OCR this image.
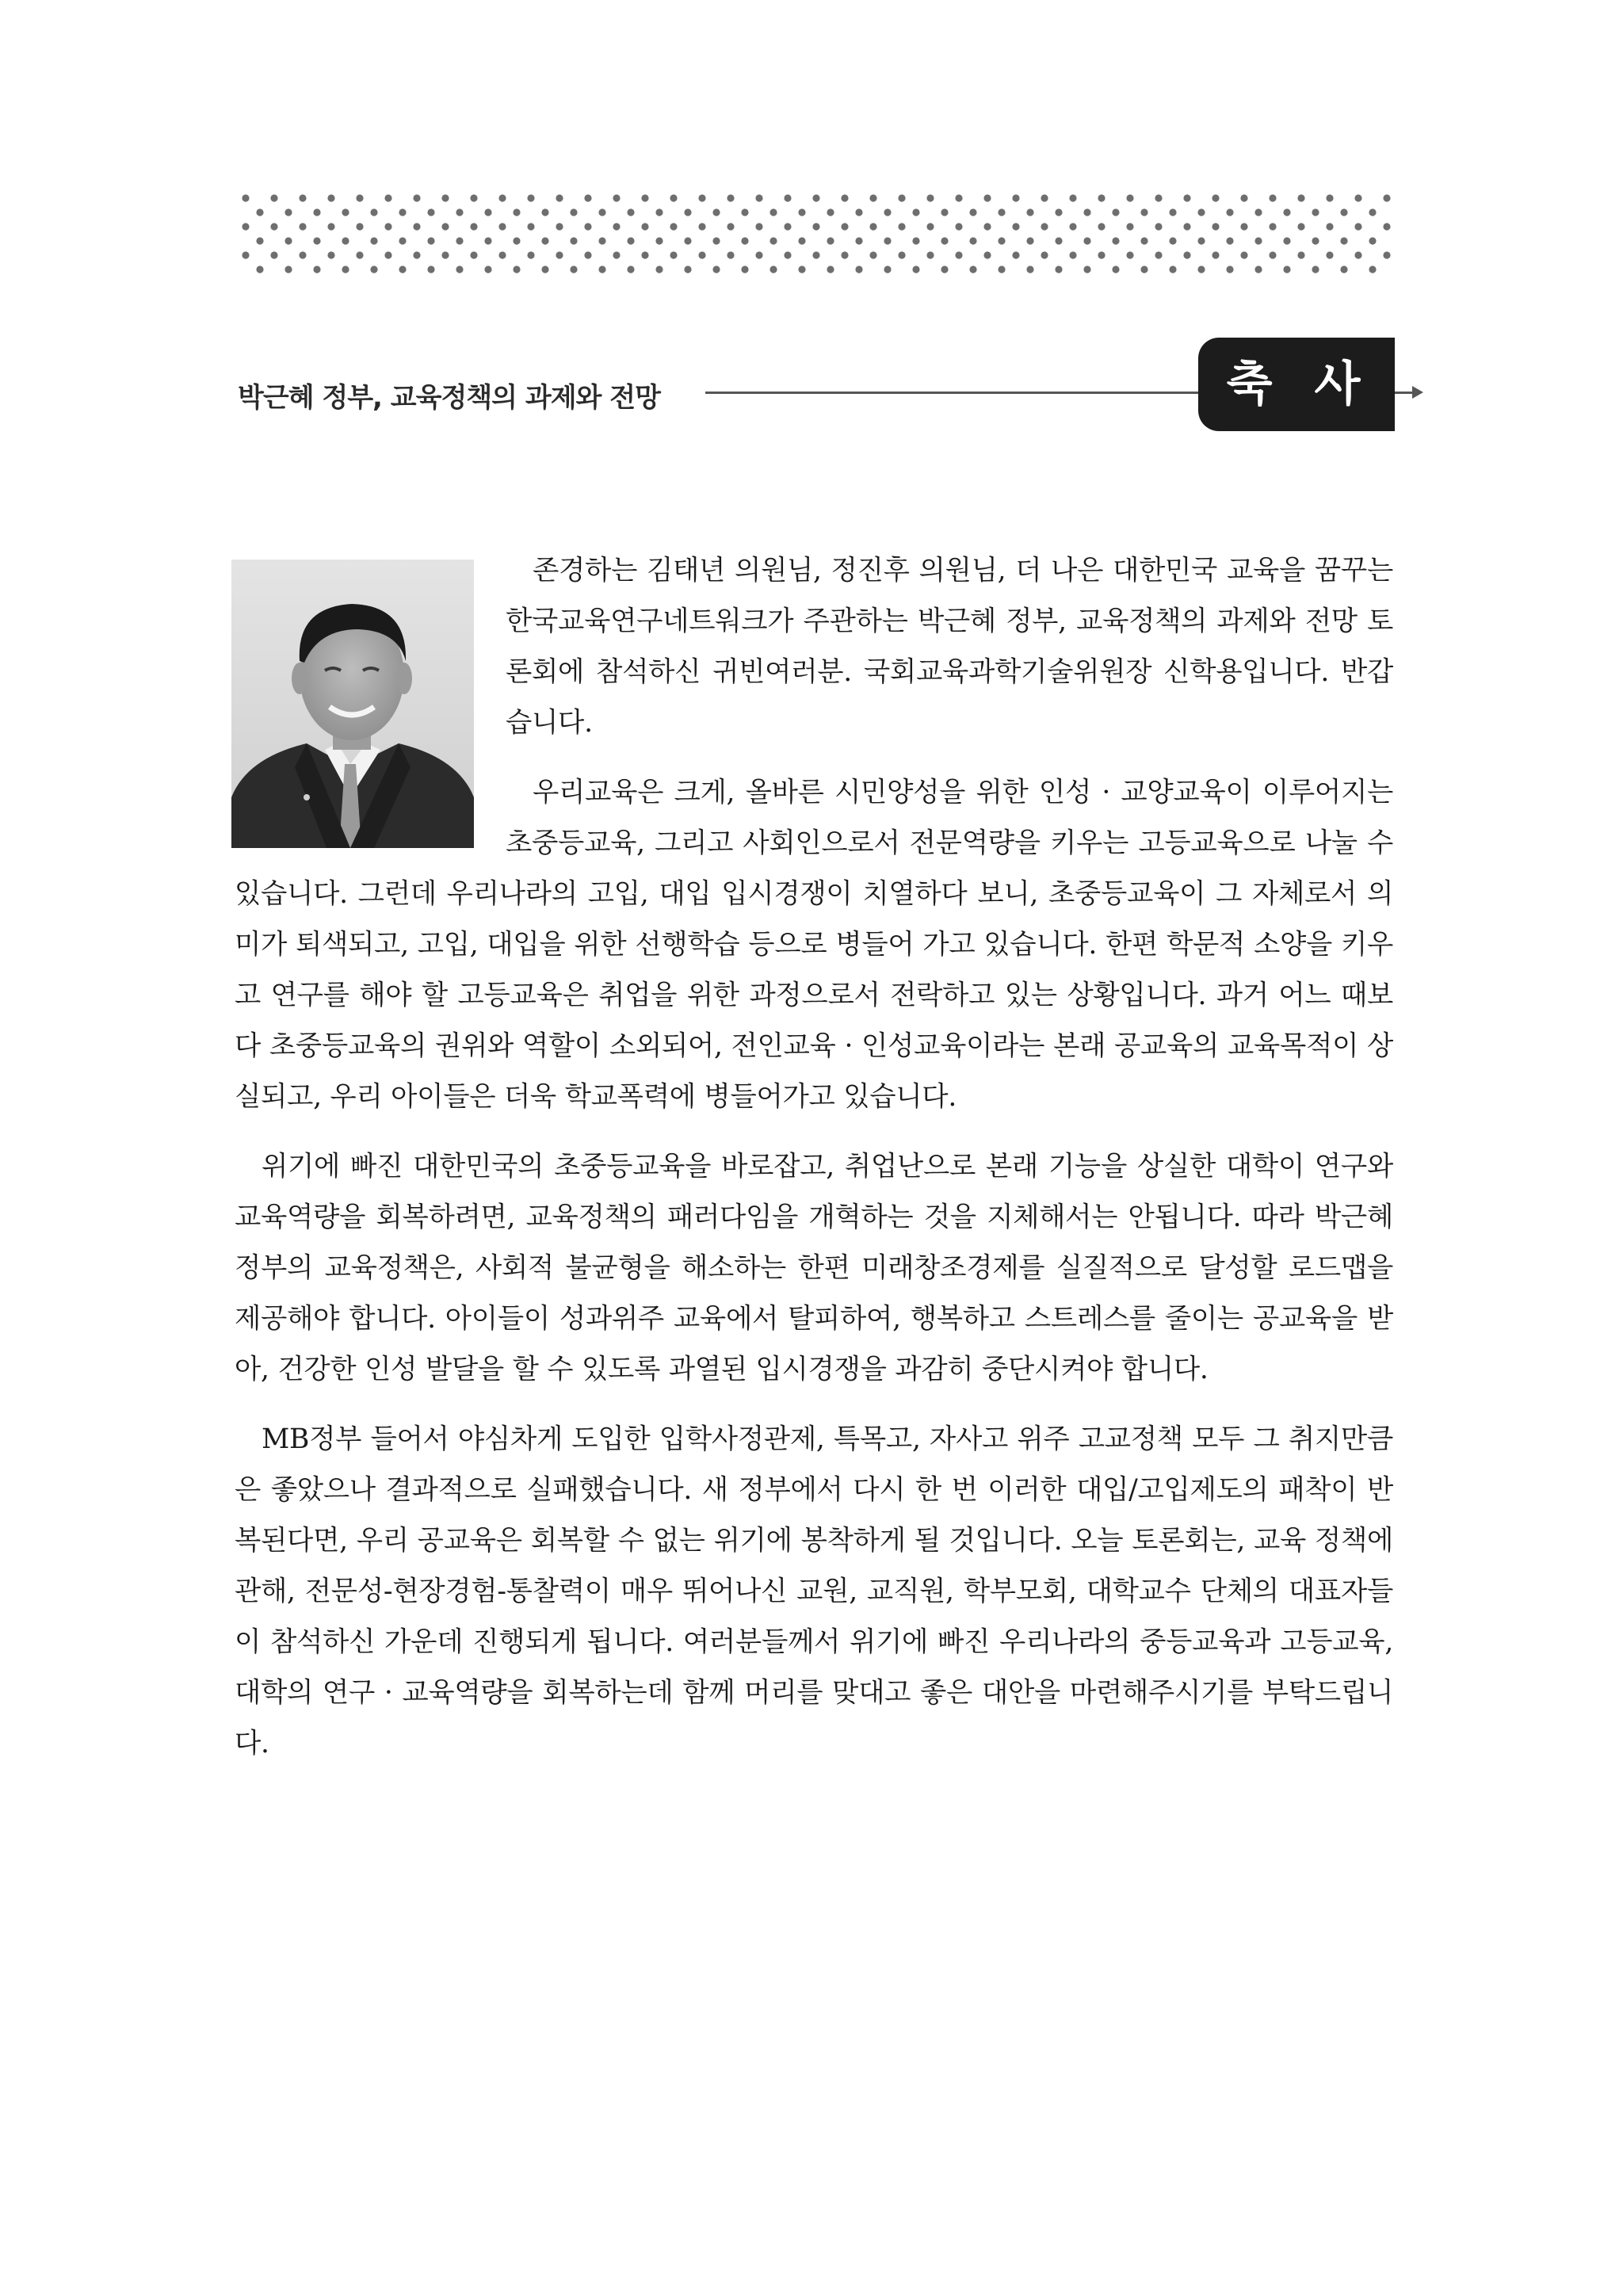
박근혜 정부, 교육정책의 과제와 전망	축 사

존경하는 김태년 의원님, 정진후 의원님, 더 나은 대한민국 교육을 꿈꾸는 한국교육연구네트워크가 주관하는 박근혜 정부, 교육정책의 과제와 전망 토론회에 참석하신 귀빈여러분. 국회교육과학기술위원장 신학용입니다. 반갑습니다.

우리교육은 크게, 올바른 시민양성을 위한 인성 · 교양교육이 이루어지는 초중등교육, 그리고 사회인으로서 전문역량을 키우는 고등교육으로 나눌 수 있습니다. 그런데 우리나라의 고입, 대입 입시경쟁이 치열하다 보니, 초중등교육이 그 자체로서 의미가 퇴색되고, 고입, 대입을 위한 선행학습 등으로 병들어 가고 있습니다. 한편 학문적 소양을 키우고 연구를 해야 할 고등교육은 취업을 위한 과정으로서 전락하고 있는 상황입니다. 과거 어느 때보다 초중등교육의 권위와 역할이 소외되어, 전인교육 · 인성교육이라는 본래 공교육의 교육목적이 상실되고, 우리 아이들은 더욱 학교폭력에 병들어가고 있습니다.

위기에 빠진 대한민국의 초중등교육을 바로잡고, 취업난으로 본래 기능을 상실한 대학이 연구와 교육역량을 회복하려면, 교육정책의 패러다임을 개혁하는 것을 지체해서는 안됩니다. 따라 박근혜 정부의 교육정책은, 사회적 불균형을 해소하는 한편 미래창조경제를 실질적으로 달성할 로드맵을 제공해야 합니다. 아이들이 성과위주 교육에서 탈피하여, 행복하고 스트레스를 줄이는 공교육을 받아, 건강한 인성 발달을 할 수 있도록 과열된 입시경쟁을 과감히 중단시켜야 합니다.

MB정부 들어서 야심차게 도입한 입학사정관제, 특목고, 자사고 위주 고교정책 모두 그 취지만큼은 좋았으나 결과적으로 실패했습니다. 새 정부에서 다시 한 번 이러한 대입/고입제도의 패착이 반복된다면, 우리 공교육은 회복할 수 없는 위기에 봉착하게 될 것입니다. 오늘 토론회는, 교육 정책에 관해, 전문성-현장경험-통찰력이 매우 뛰어나신 교원, 교직원, 학부모회, 대학교수 단체의 대표자들이 참석하신 가운데 진행되게 됩니다. 여러분들께서 위기에 빠진 우리나라의 중등교육과 고등교육, 대학의 연구 · 교육역량을 회복하는데 함께 머리를 맞대고 좋은 대안을 마련해주시기를 부탁드립니다.
